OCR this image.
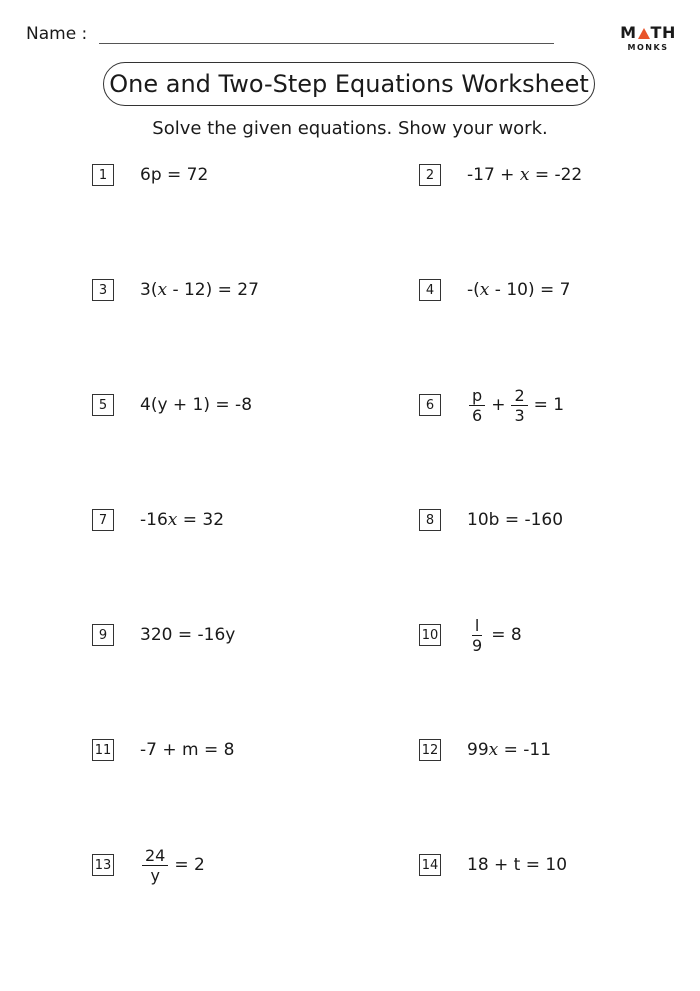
Name :	M TH
MONKS
One and Two-Step Equations Worksheet
Solve the given equations. Show your work.
1	6p = 72	2	-17 + x = -22
3	3( x - 12) = 27	4	-( x - 10) = 7
5	4(y + 1) = -8	6	$\frac{p}{6} + \frac{2}{3} = 1$
7	-16 x = 32	8	10b = -160
9	320 = -16y	$10 \frac{l}{9} = 8$
11 -7 + m = 8	12 99 x = -11
$13 \frac{24}{y} = 2$	14 18 + t = 10
